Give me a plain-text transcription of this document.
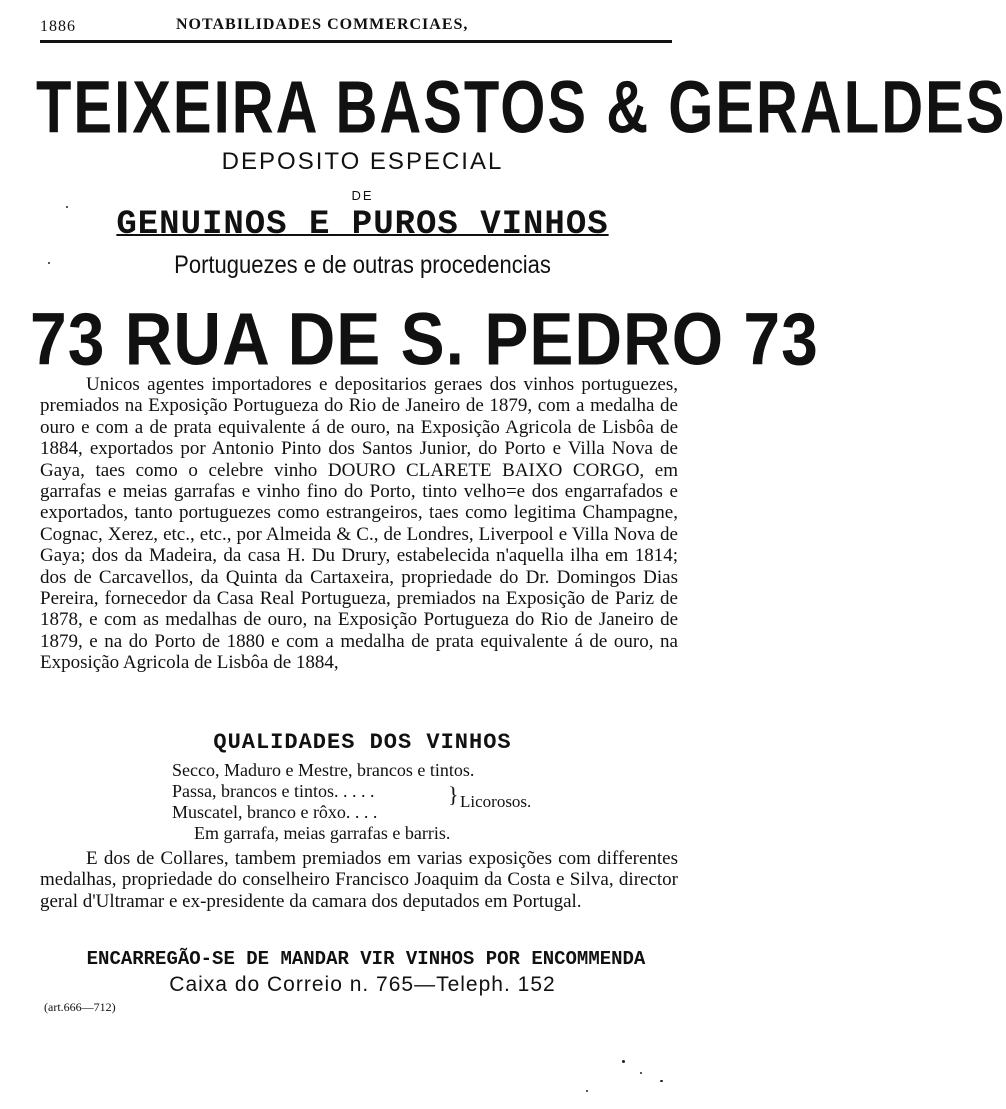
1886	NOTABILIDADES COMMERCIAES,
TEIXEIRA BASTOS & GERALDES
DEPOSITO ESPECIAL
DE
GENUINOS E PUROS VINHOS
Portuguezes e de outras procedencias
73 RUA DE S. PEDRO 73
Unicos agentes importadores e depositarios geraes dos vinhos portuguezes, premiados na Exposição Portugueza do Rio de Janeiro de 1879, com a medalha de ouro e com a de prata equivalente á de ouro, na Exposição Agricola de Lisbôa de 1884, exportados por Antonio Pinto dos Santos Junior, do Porto e Villa Nova de Gaya, taes como o celebre vinho DOURO CLARETE BAIXO CORGO, em garrafas e meias garrafas e vinho fino do Porto, tinto velho=e dos engarrafados e exportados, tanto portuguezes como estrangeiros, taes como legitima Champagne, Cognac, Xerez, etc., etc., por Almeida & C., de Londres, Liverpool e Villa Nova de Gaya; dos da Madeira, da casa H. Du Drury, estabelecida n'aquella ilha em 1814; dos de Carcavellos, da Quinta da Cartaxeira, propriedade do Dr. Domingos Dias Pereira, fornecedor da Casa Real Portugueza, premiados na Exposição de Pariz de 1878, e com as medalhas de ouro, na Exposição Portugueza do Rio de Janeiro de 1879, e na do Porto de 1880 e com a medalha de prata equivalente á de ouro, na Exposição Agricola de Lisbôa de 1884,
QUALIDADES DOS VINHOS
Secco, Maduro e Mestre, brancos e tintos.
Passa, brancos e tintos. . . . .
Muscatel, branco e rôxo. . . .
} Licorosos.
Em garrafa, meias garrafas e barris.
E dos de Collares, tambem premiados em varias exposições com differentes medalhas, propriedade do conselheiro Francisco Joaquim da Costa e Silva, director geral d'Ultramar e ex-presidente da camara dos deputados em Portugal.
ENCARREGÃO-SE DE MANDAR VIR VINHOS POR ENCOMMENDA
Caixa do Correio n. 765—Teleph. 152
(art.666—712)
